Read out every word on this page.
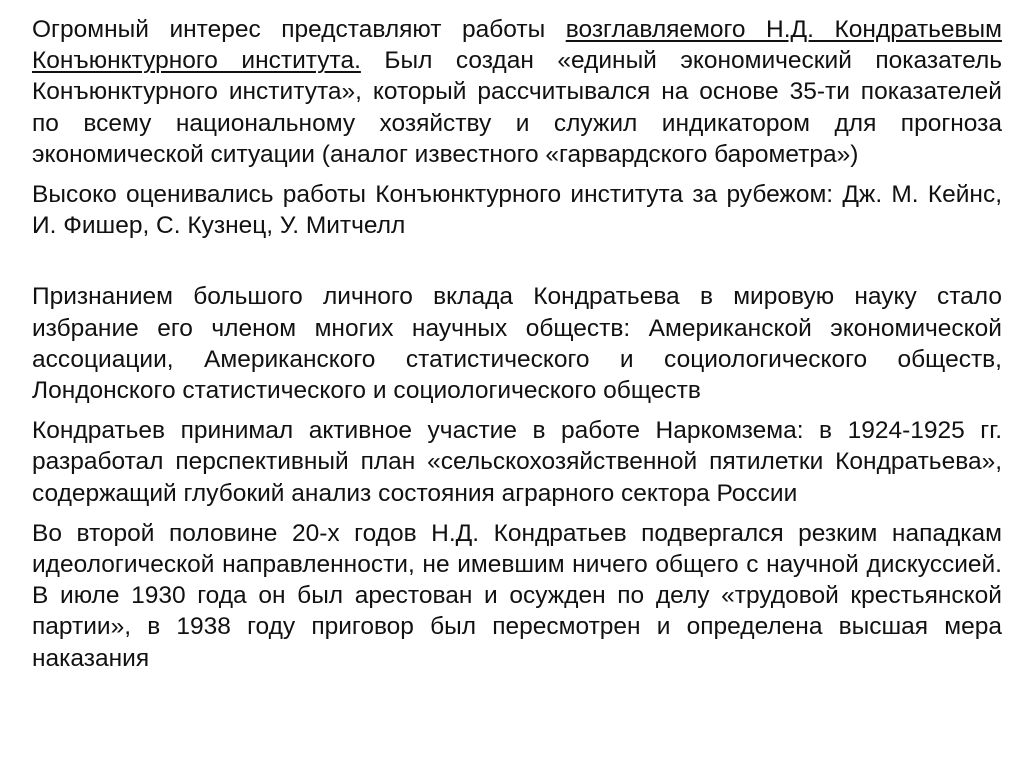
Огромный интерес представляют работы возглавляемого Н.Д. Кондратьевым Конъюнктурного института. Был создан «единый экономический показатель Конъюнктурного института», который рассчитывался на основе 35-ти показателей по всему национальному хозяйству и служил индикатором для прогноза экономической ситуации (аналог известного «гарвардского барометра»)

Высоко оценивались работы Конъюнктурного института за рубежом: Дж. М. Кейнс, И. Фишер, С. Кузнец, У. Митчелл

Признанием большого личного вклада Кондратьева в мировую науку стало избрание его членом многих научных обществ: Американской экономической ассоциации, Американского статистического и социологического обществ, Лондонского статистического и социологического обществ

Кондратьев принимал активное участие в работе Наркомзема: в 1924-1925 гг. разработал перспективный план «сельскохозяйственной пятилетки Кондратьева», содержащий глубокий анализ состояния аграрного сектора России

Во второй половине 20-х годов Н.Д. Кондратьев подвергался резким нападкам идеологической направленности, не имевшим ничего общего с научной дискуссией. В июле 1930 года он был арестован и осужден по делу «трудовой крестьянской партии», в 1938 году приговор был пересмотрен и определена высшая мера наказания
